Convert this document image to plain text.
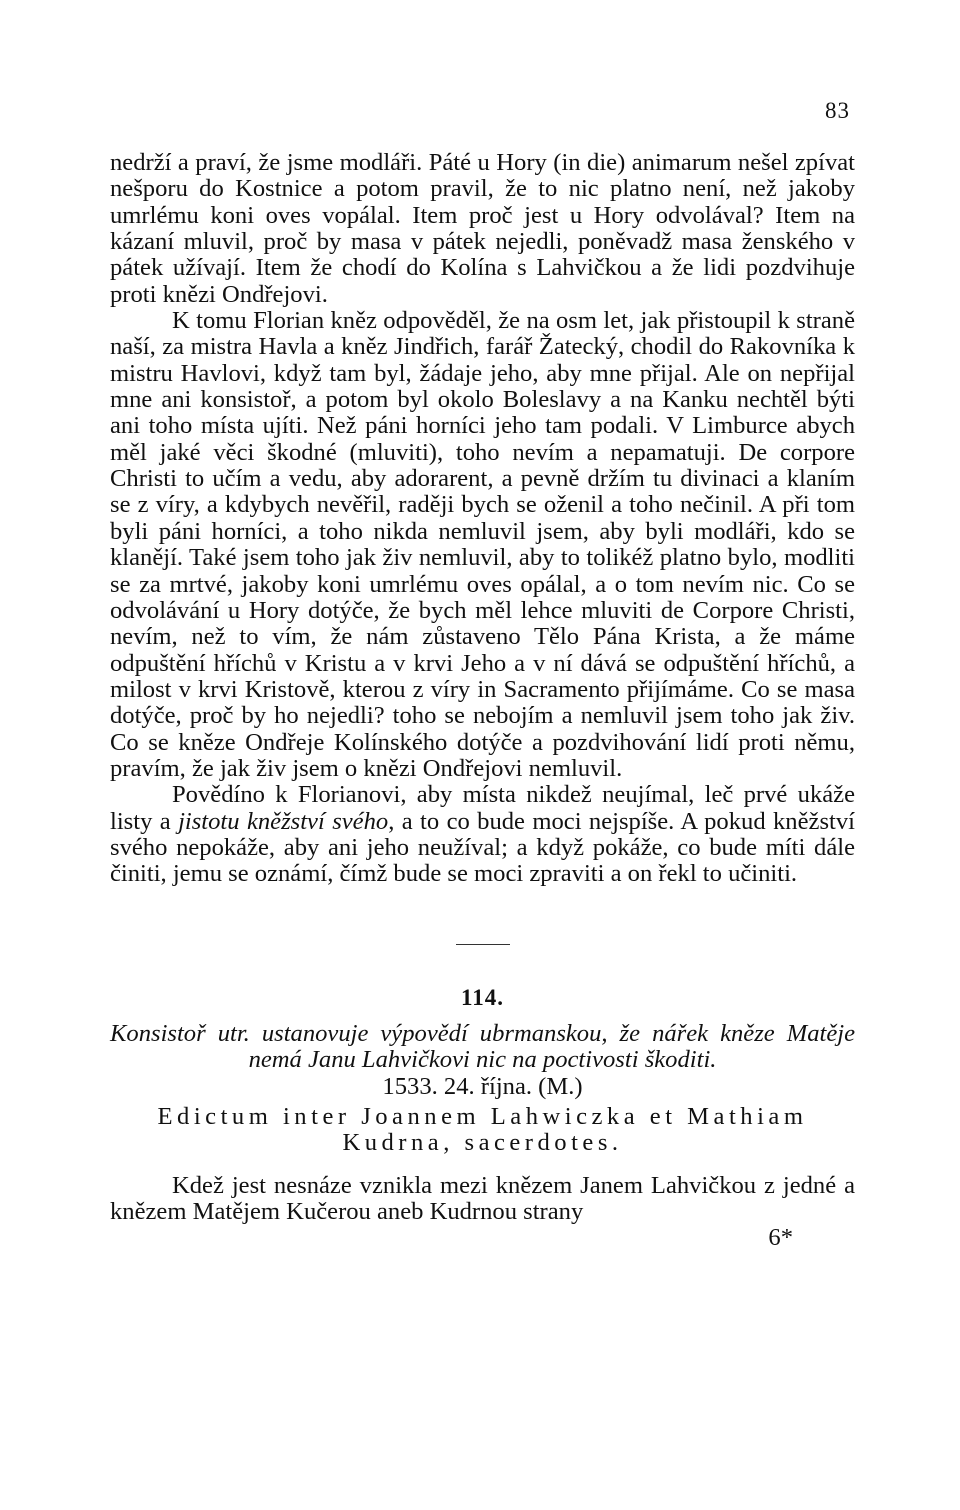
83

nedrží a praví, že jsme modláři. Páté u Hory (in die) animarum nešel zpívat nešporu do Kostnice a potom pravil, že to nic platno není, než jakoby umrlému koni oves vopálal. Item proč jest u Hory odvolával? Item na kázaní mluvil, proč by masa v pátek nejedli, poněvadž masa ženského v pátek užívají. Item že chodí do Kolína s Lahvičkou a že lidi pozdvihuje proti knězi Ondřejovi.

K tomu Florian kněz odpověděl, že na osm let, jak přistoupil k straně naší, za mistra Havla a kněz Jindřich, farář Žatecký, chodil do Rakovníka k mistru Havlovi, když tam byl, žádaje jeho, aby mne přijal. Ale on nepřijal mne ani konsistoř, a potom byl okolo Boleslavy a na Kanku nechtěl býti ani toho místa ujíti. Než páni horníci jeho tam podali. V Limburce abych měl jaké věci škodné (mluviti), toho nevím a nepamatuji. De corpore Christi to učím a vedu, aby adorarent, a pevně držím tu divinaci a klaním se z víry, a kdybych nevěřil, raději bych se oženil a toho nečinil. A při tom byli páni horníci, a toho nikda nemluvil jsem, aby byli modláři, kdo se klanějí. Také jsem toho jak živ nemluvil, aby to tolikéž platno bylo, modliti se za mrtvé, jakoby koni umrlému oves opálal, a o tom nevím nic. Co se odvolávání u Hory dotýče, že bych měl lehce mluviti de Corpore Christi, nevím, než to vím, že nám zůstaveno Tělo Pána Krista, a že máme odpuštění hříchů v Kristu a v krvi Jeho a v ní dává se odpuštění hříchů, a milost v krvi Kristově, kterou z víry in Sacramento přijímáme. Co se masa dotýče, proč by ho nejedli? toho se nebojím a nemluvil jsem toho jak živ. Co se kněze Ondřeje Kolínského dotýče a pozdvihování lidí proti němu, pravím, že jak živ jsem o knězi Ondřejovi nemluvil.

Povědíno k Florianovi, aby místa nikdež neujímal, leč prvé ukáže listy a jistotu kněžství svého, a to co bude moci nejspíše. A pokud kněžství svého nepokáže, aby ani jeho neužíval; a když pokáže, co bude míti dále činiti, jemu se oznámí, čímž bude se moci zpraviti a on řekl to učiniti.

114.

Konsistoř utr. ustanovuje výpovědí ubrmanskou, že nářek kněze Matěje nemá Janu Lahvičkovi nic na poctivosti škoditi.

1533. 24. října. (M.)

Edictum inter Joannem Lahwiczka et Mathiam

Kudrna, sacerdotes.

Kdež jest nesnáze vznikla mezi knězem Janem Lahvičkou z jedné a knězem Matějem Kučerou aneb Kudrnou strany

6*
